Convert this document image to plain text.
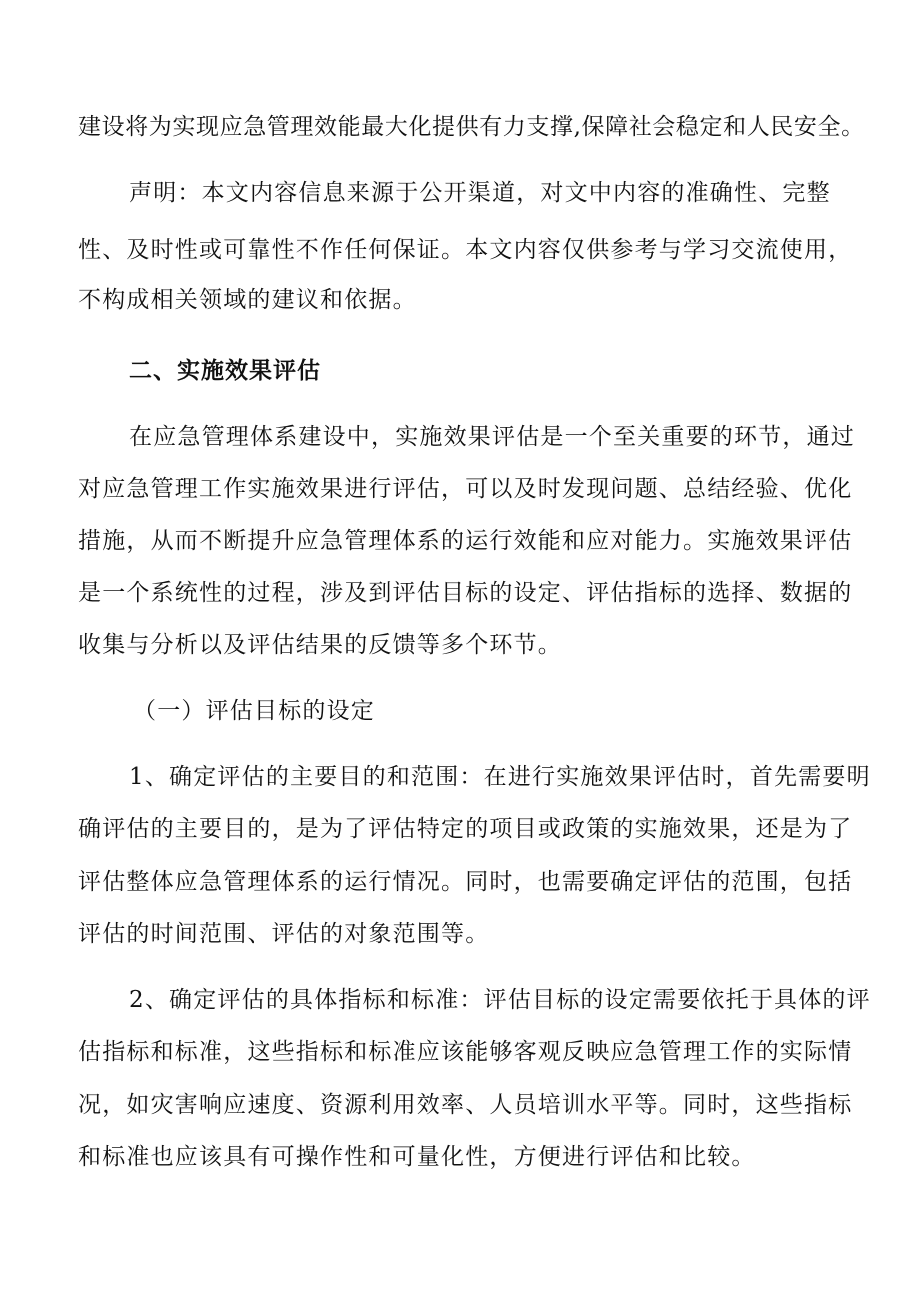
建设将为实现应急管理效能最大化提供有力支撑,保障社会稳定和人民安全。
声明：本文内容信息来源于公开渠道，对文中内容的准确性、完整
性、及时性或可靠性不作任何保证。本文内容仅供参考与学习交流使用，
不构成相关领域的建议和依据。
二、实施效果评估
在应急管理体系建设中，实施效果评估是一个至关重要的环节，通过
对应急管理工作实施效果进行评估，可以及时发现问题、总结经验、优化
措施，从而不断提升应急管理体系的运行效能和应对能力。实施效果评估
是一个系统性的过程，涉及到评估目标的设定、评估指标的选择、数据的
收集与分析以及评估结果的反馈等多个环节。
（一）评估目标的设定
1、确定评估的主要目的和范围：在进行实施效果评估时，首先需要明
确评估的主要目的，是为了评估特定的项目或政策的实施效果，还是为了
评估整体应急管理体系的运行情况。同时，也需要确定评估的范围，包括
评估的时间范围、评估的对象范围等。
2、确定评估的具体指标和标准：评估目标的设定需要依托于具体的评
估指标和标准，这些指标和标准应该能够客观反映应急管理工作的实际情
况，如灾害响应速度、资源利用效率、人员培训水平等。同时，这些指标
和标准也应该具有可操作性和可量化性，方便进行评估和比较。
